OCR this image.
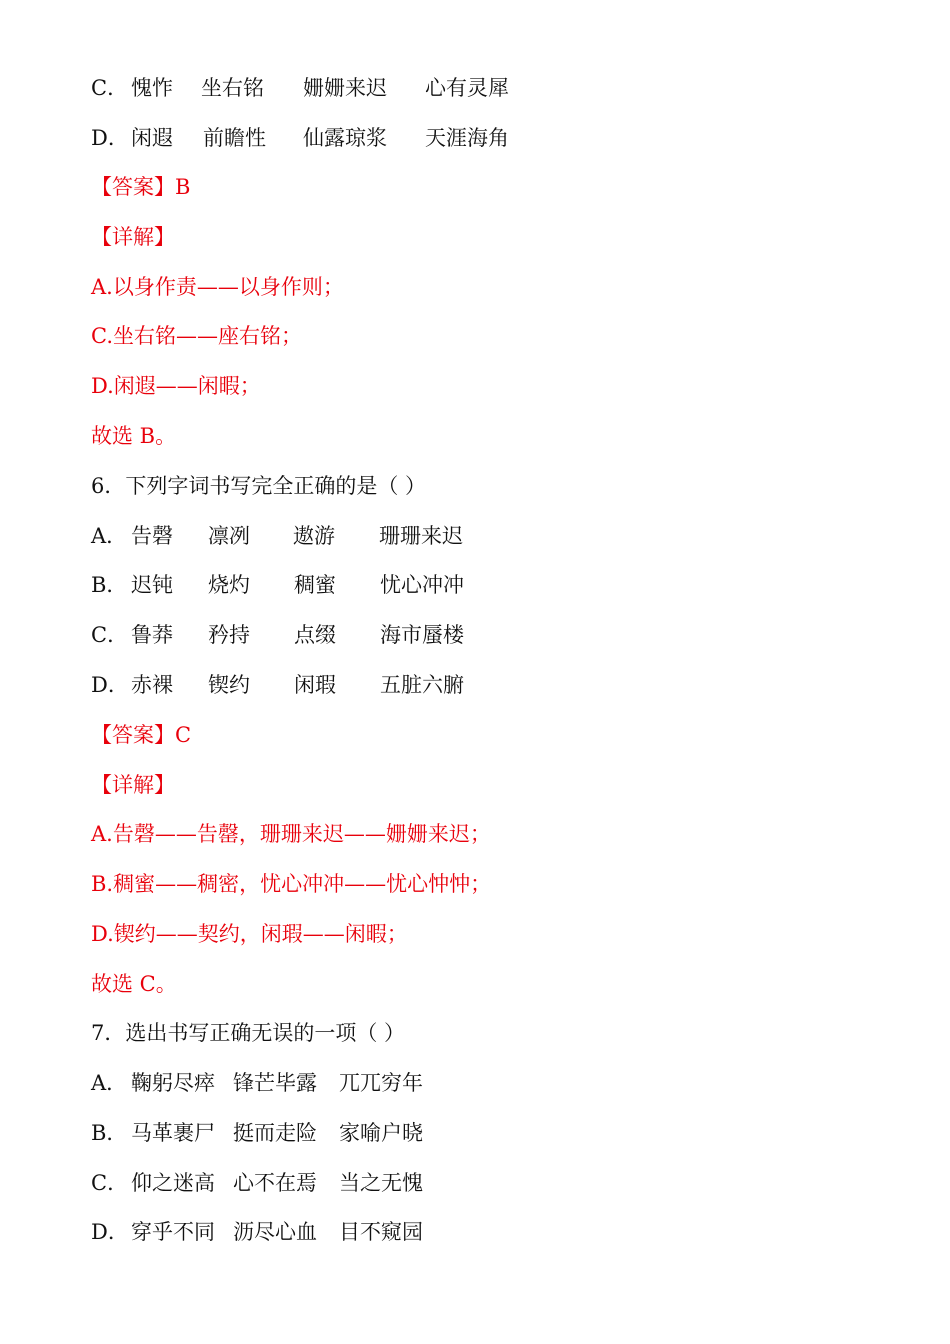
C． 愧怍 坐右铭 姗姗来迟 心有灵犀
D． 闲遐 前瞻性 仙露琼浆 天涯海角
【答案】B
【详解】
A.以身作责——以身作则；
C.坐右铭——座右铭；
D.闲遐——闲暇；
故选 B。
6．下列字词书写完全正确的是（ ）
A． 告磬 凛冽 遨游 珊珊来迟
B． 迟钝 烧灼 稠蜜 忧心冲冲
C． 鲁莽 矜持 点缀 海市蜃楼
D． 赤裸 锲约 闲瑕 五脏六腑
【答案】C
【详解】
A.告磬——告罄，珊珊来迟——姗姗来迟；
B.稠蜜——稠密，忧心冲冲——忧心忡忡；
D.锲约——契约，闲瑕——闲暇；
故选 C。
7．选出书写正确无误的一项（ ）
A． 鞠躬尽瘁 锋芒毕露 兀兀穷年
B． 马革裹尸 挺而走险 家喻户晓
C． 仰之迷高 心不在焉 当之无愧
D． 穿乎不同 沥尽心血 目不窥园
